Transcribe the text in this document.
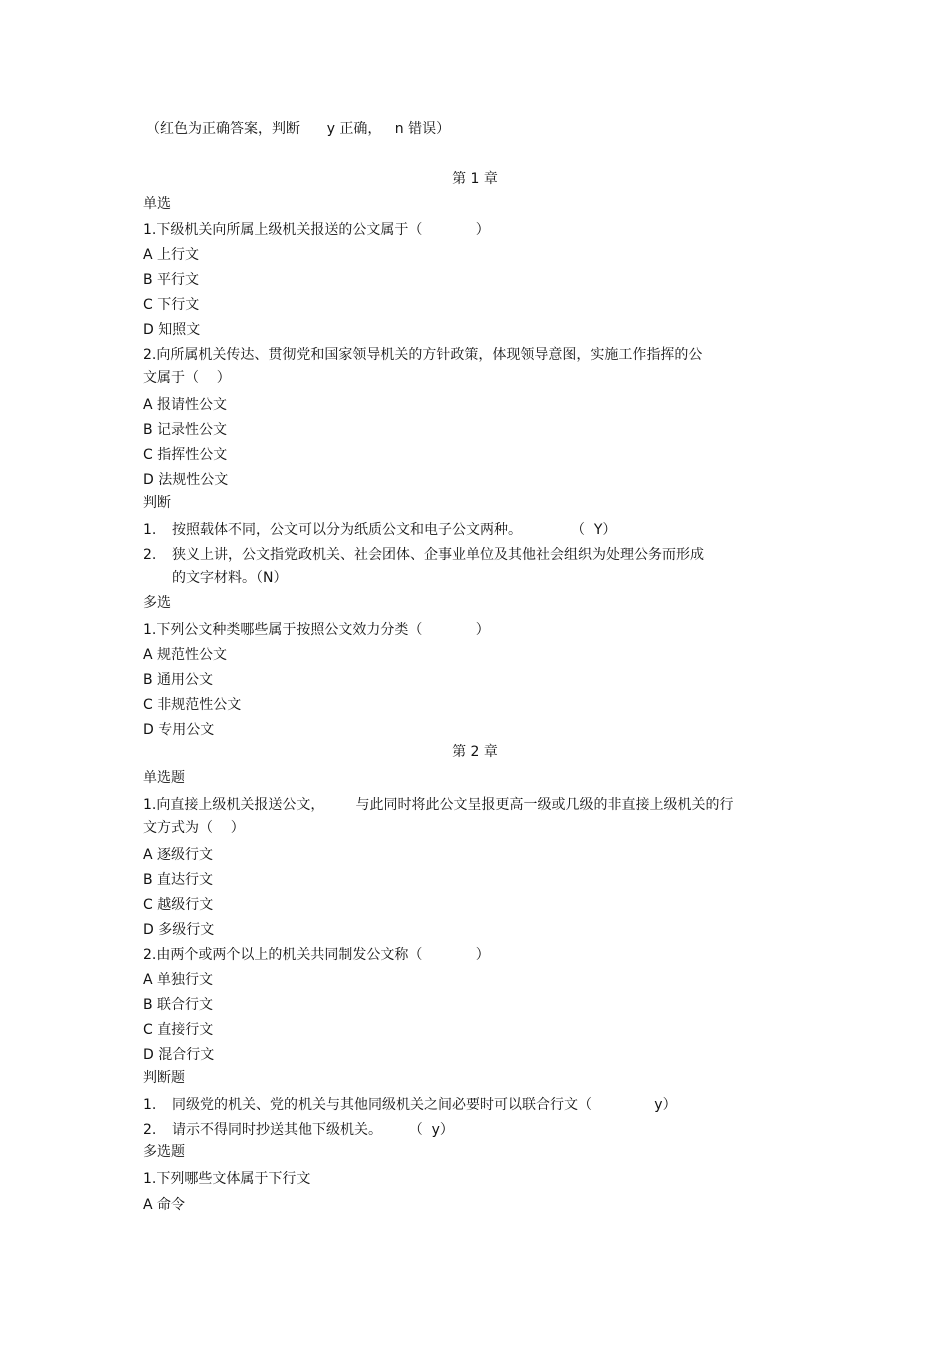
（红色为正确答案，判断      y 正确，   n 错误）
第 1 章
单选
1.下级机关向所属上级机关报送的公文属于（            ）
A 上行文
B 平行文
C 下行文
D 知照文
2.向所属机关传达、贯彻党和国家领导机关的方针政策，体现领导意图，实施工作指挥的公
文属于（    ）
A 报请性公文
B 记录性公文
C 指挥性公文
D 法规性公文
判断
1. 按照载体不同，公文可以分为纸质公文和电子公文两种。           （  Y）
2. 狭义上讲，公文指党政机关、社会团体、企事业单位及其他社会组织为处理公务而形成
的文字材料。（N）
多选
1.下列公文种类哪些属于按照公文效力分类（            ）
A 规范性公文
B 通用公文
C 非规范性公文
D 专用公文
第 2 章
单选题
1.向直接上级机关报送公文，       与此同时将此公文呈报更高一级或几级的非直接上级机关的行
文方式为（    ）
A 逐级行文
B 直达行文
C 越级行文
D 多级行文
2.由两个或两个以上的机关共同制发公文称（            ）
A 单独行文
B 联合行文
C 直接行文
D 混合行文
判断题
1. 同级党的机关、党的机关与其他同级机关之间必要时可以联合行文（              y）
2. 请示不得同时抄送其他下级机关。      （  y）
多选题
1.下列哪些文体属于下行文
A 命令
